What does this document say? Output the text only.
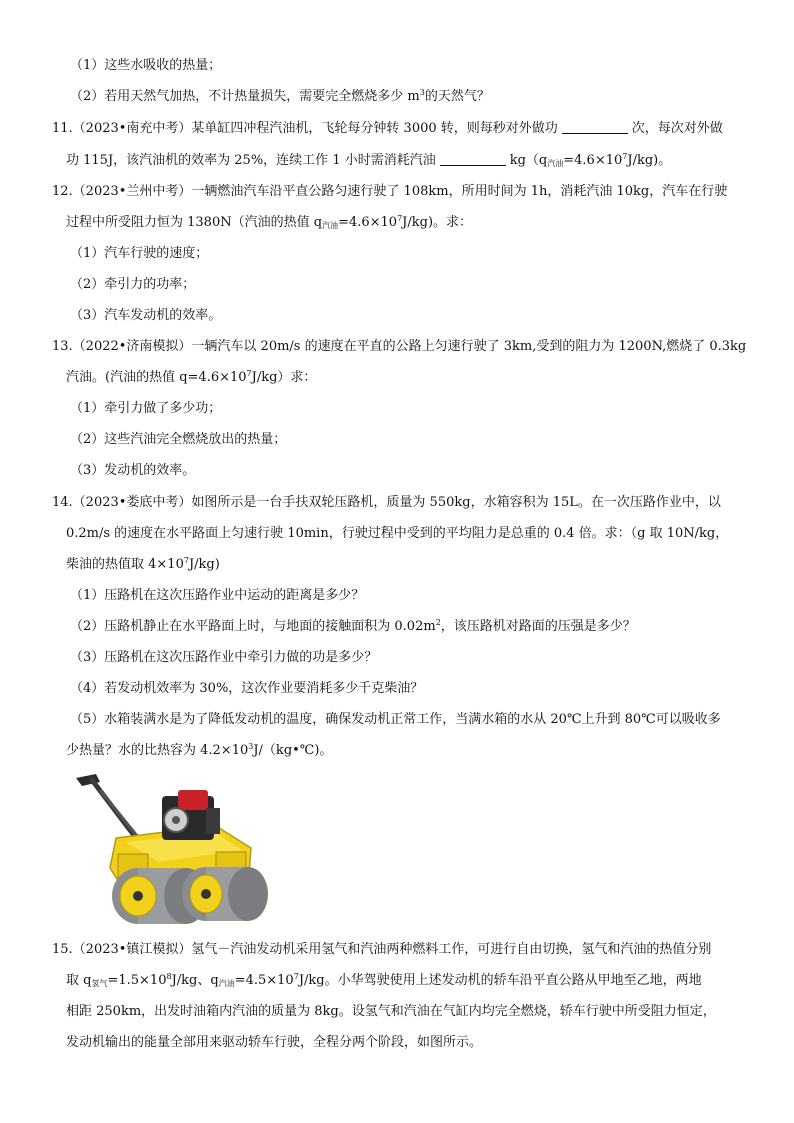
（1）这些水吸收的热量；
（2）若用天然气加热，不计热量损失，需要完全燃烧多少 $m^3$的天然气？
11.（2023•南充中考）某单缸四冲程汽油机，飞轮每分钟转 3000 转，则每秒对外做功	次，每次对外做
功 115J，该汽油机的效率为 25%，连续工作 1 小时需消耗汽油	$kg(q_{汽油}=4.6\times 10^7J/kg)$。
12.（2023•兰州中考）一辆燃油汽车沿平直公路匀速行驶了 108km，所用时间为 1h，消耗汽油 10kg，汽车在行驶
过程中所受阻力恒为 1380N（汽油的热值 $q_{汽油}=4.6\times 10^7J/kg$)。求：
（1）汽车行驶的速度；
（2）牵引力的功率；
（3）汽车发动机的效率。
13.（2022•济南模拟）一辆汽车以 20m/s 的速度在平直的公路上匀速行驶了 3km,受到的阻力为 1200N,燃烧了 0.3kg
汽油。(汽油的热值 $q=4.6\times 10^7J/kg$）求：
（1）牵引力做了多少功；
（2）这些汽油完全燃烧放出的热量；
（3）发动机的效率。
14.（2023•娄底中考）如图所示是一台手扶双轮压路机，质量为 550kg，水箱容积为 15L。在一次压路作业中，以
0.2m/s 的速度在水平路面上匀速行驶 10min，行驶过程中受到的平均阻力是总重的 0.4 倍。求：（g 取 10N/kg，
柴油的热值取 $4\times 10^7J/kg$)
（1）压路机在这次压路作业中运动的距离是多少？
（2）压路机静止在水平路面上时，与地面的接触面积为 $0.02m^2$，该压路机对路面的压强是多少？
（3）压路机在这次压路作业中牵引力做的功是多少？
（4）若发动机效率为 30%，这次作业要消耗多少千克柴油？
（5）水箱装满水是为了降低发动机的温度，确保发动机正常工作，当满水箱的水从 20℃上升到 80℃可以吸收多
少热量？水的比热容为 $4.2\times 10^3J/(kg•℃)$。
15.（2023•镇江模拟）氢气－汽油发动机采用氢气和汽油两种燃料工作，可进行自由切换，氢气和汽油的热值分别
取 $q_{氢气}=1.5\times 10^8J/kg$、$q_{汽油}=4.5\times 10^7J/kg$。小华驾驶使用上述发动机的轿车沿平直公路从甲地至乙地，两地
相距 250km，出发时油箱内汽油的质量为 8kg。设氢气和汽油在气缸内均完全燃烧，轿车行驶中所受阻力恒定，
发动机输出的能量全部用来驱动轿车行驶，全程分两个阶段，如图所示。
